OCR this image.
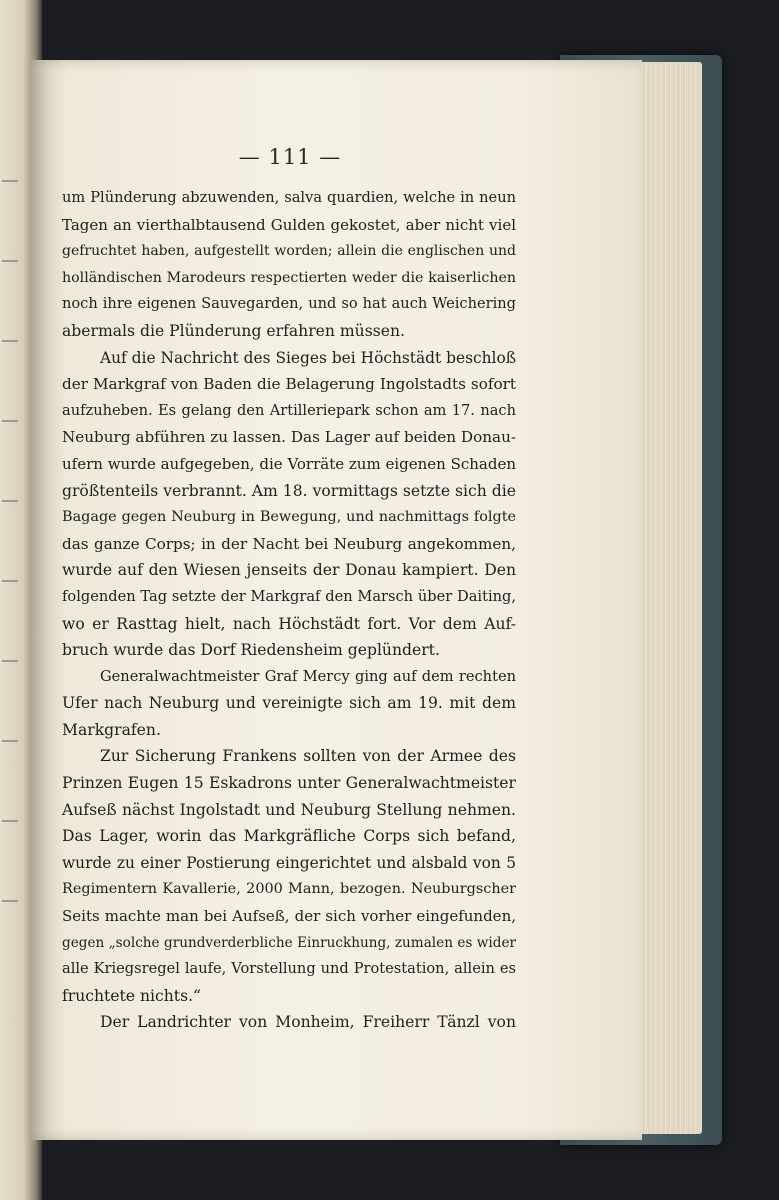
— 111 —
um Plünderung abzuwenden, salva quardien, welche in neun
Tagen an vierthalbtausend Gulden gekostet, aber nicht viel
gefruchtet haben, aufgestellt worden; allein die englischen und
holländischen Marodeurs respectierten weder die kaiserlichen
noch ihre eigenen Sauvegarden, und so hat auch Weichering
abermals die Plünderung erfahren müssen.
Auf die Nachricht des Sieges bei Höchstädt beschloß
der Markgraf von Baden die Belagerung Ingolstadts sofort
aufzuheben. Es gelang den Artilleriepark schon am 17. nach
Neuburg abführen zu lassen. Das Lager auf beiden Donau-
ufern wurde aufgegeben, die Vorräte zum eigenen Schaden
größtenteils verbrannt. Am 18. vormittags setzte sich die
Bagage gegen Neuburg in Bewegung, und nachmittags folgte
das ganze Corps; in der Nacht bei Neuburg angekommen,
wurde auf den Wiesen jenseits der Donau kampiert. Den
folgenden Tag setzte der Markgraf den Marsch über Daiting,
wo er Rasttag hielt, nach Höchstädt fort. Vor dem Auf-
bruch wurde das Dorf Riedensheim geplündert.
Generalwachtmeister Graf Mercy ging auf dem rechten
Ufer nach Neuburg und vereinigte sich am 19. mit dem
Markgrafen.
Zur Sicherung Frankens sollten von der Armee des
Prinzen Eugen 15 Eskadrons unter Generalwachtmeister
Aufseß nächst Ingolstadt und Neuburg Stellung nehmen.
Das Lager, worin das Markgräfliche Corps sich befand,
wurde zu einer Postierung eingerichtet und alsbald von 5
Regimentern Kavallerie, 2000 Mann, bezogen. Neuburgscher
Seits machte man bei Aufseß, der sich vorher eingefunden,
gegen „solche grundverderbliche Einruckhung, zumalen es wider
alle Kriegsregel laufe, Vorstellung und Protestation, allein es
fruchtete nichts.“
Der Landrichter von Monheim, Freiherr Tänzl von
